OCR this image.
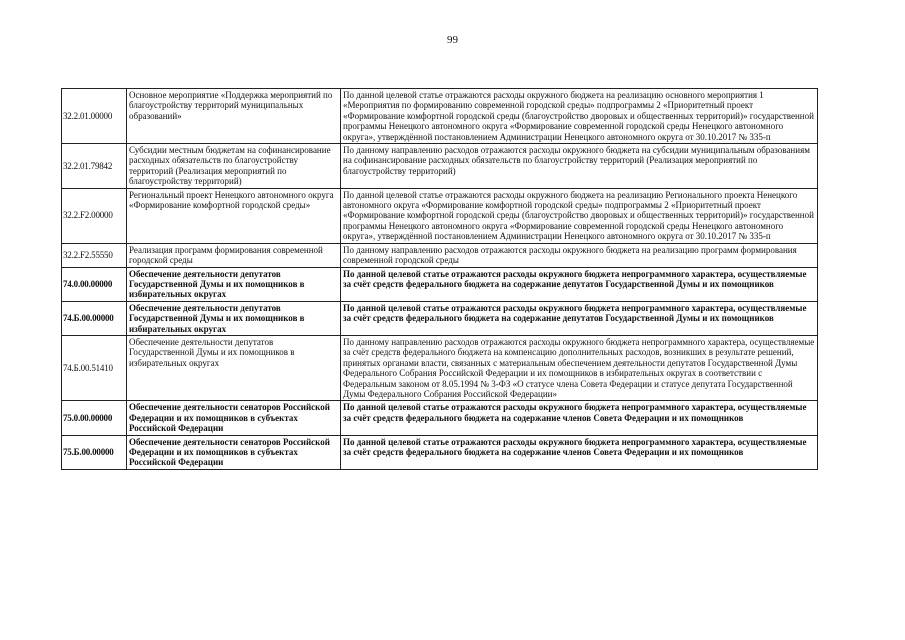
99
32.2.01.00000	Основное мероприятие «Поддержка мероприятий по благоустройству территорий муниципальных образований»	По данной целевой статье отражаются расходы окружного бюджета на реализацию основного мероприятия 1 «Мероприятия по формированию современной городской среды» подпрограммы 2 «Приоритетный проект «Формирование комфортной городской среды (благоустройство дворовых и общественных территорий)» государственной программы Ненецкого автономного округа «Формирование современной городской среды Ненецкого автономного округа», утверждённой постановлением Администрации Ненецкого автономного округа от 30.10.2017 № 335-п
32.2.01.79842	Субсидии местным бюджетам на софинансирование расходных обязательств по благоустройству территорий (Реализация мероприятий по благоустройству территорий)	По данному направлению расходов отражаются расходы окружного бюджета на субсидии муниципальным образованиям на софинансирование расходных обязательств по благоустройству территорий (Реализация мероприятий по благоустройству территорий)
32.2.F2.00000	Региональный проект Ненецкого автономного округа «Формирование комфортной городской среды»	По данной целевой статье отражаются расходы окружного бюджета на реализацию Регионального проекта Ненецкого автономного округа «Формирование комфортной городской среды» подпрограммы 2 «Приоритетный проект «Формирование комфортной городской среды (благоустройство дворовых и общественных территорий)» государственной программы Ненецкого автономного округа «Формирование современной городской среды Ненецкого автономного округа», утверждённой постановлением Администрации Ненецкого автономного округа от 30.10.2017 № 335-п
32.2.F2.55550	Реализация программ формирования современной городской среды	По данному направлению расходов отражаются расходы окружного бюджета на реализацию программ формирования современной городской среды
74.0.00.00000	Обеспечение деятельности депутатов Государственной Думы и их помощников в избирательных округах	По данной целевой статье отражаются расходы окружного бюджета непрограммного характера, осуществляемые за счёт средств федерального бюджета на содержание депутатов Государственной Думы и их помощников
74.Б.00.00000	Обеспечение деятельности депутатов Государственной Думы и их помощников в избирательных округах	По данной целевой статье отражаются расходы окружного бюджета непрограммного характера, осуществляемые за счёт средств федерального бюджета на содержание депутатов Государственной Думы и их помощников
74.Б.00.51410	Обеспечение деятельности депутатов Государственной Думы и их помощников в избирательных округах	По данному направлению расходов отражаются расходы окружного бюджета непрограммного характера, осуществляемые за счёт средств федерального бюджета на компенсацию дополнительных расходов, возникших в результате решений, принятых органами власти, связанных с материальным обеспечением деятельности депутатов Государственной Думы Федерального Собрания Российской Федерации и их помощников в избирательных округах в соответствии с Федеральным законом от 8.05.1994 № 3-ФЗ «О статусе члена Совета Федерации и статусе депутата Государственной Думы Федерального Собрания Российской Федерации»
75.0.00.00000	Обеспечение деятельности сенаторов Российской Федерации и их помощников в субъектах Российской Федерации	По данной целевой статье отражаются расходы окружного бюджета непрограммного характера, осуществляемые за счёт средств федерального бюджета на содержание членов Совета Федерации и их помощников
75.Б.00.00000	Обеспечение деятельности сенаторов Российской Федерации и их помощников в субъектах Российской Федерации	По данной целевой статье отражаются расходы окружного бюджета непрограммного характера, осуществляемые за счёт средств федерального бюджета на содержание членов Совета Федерации и их помощников
